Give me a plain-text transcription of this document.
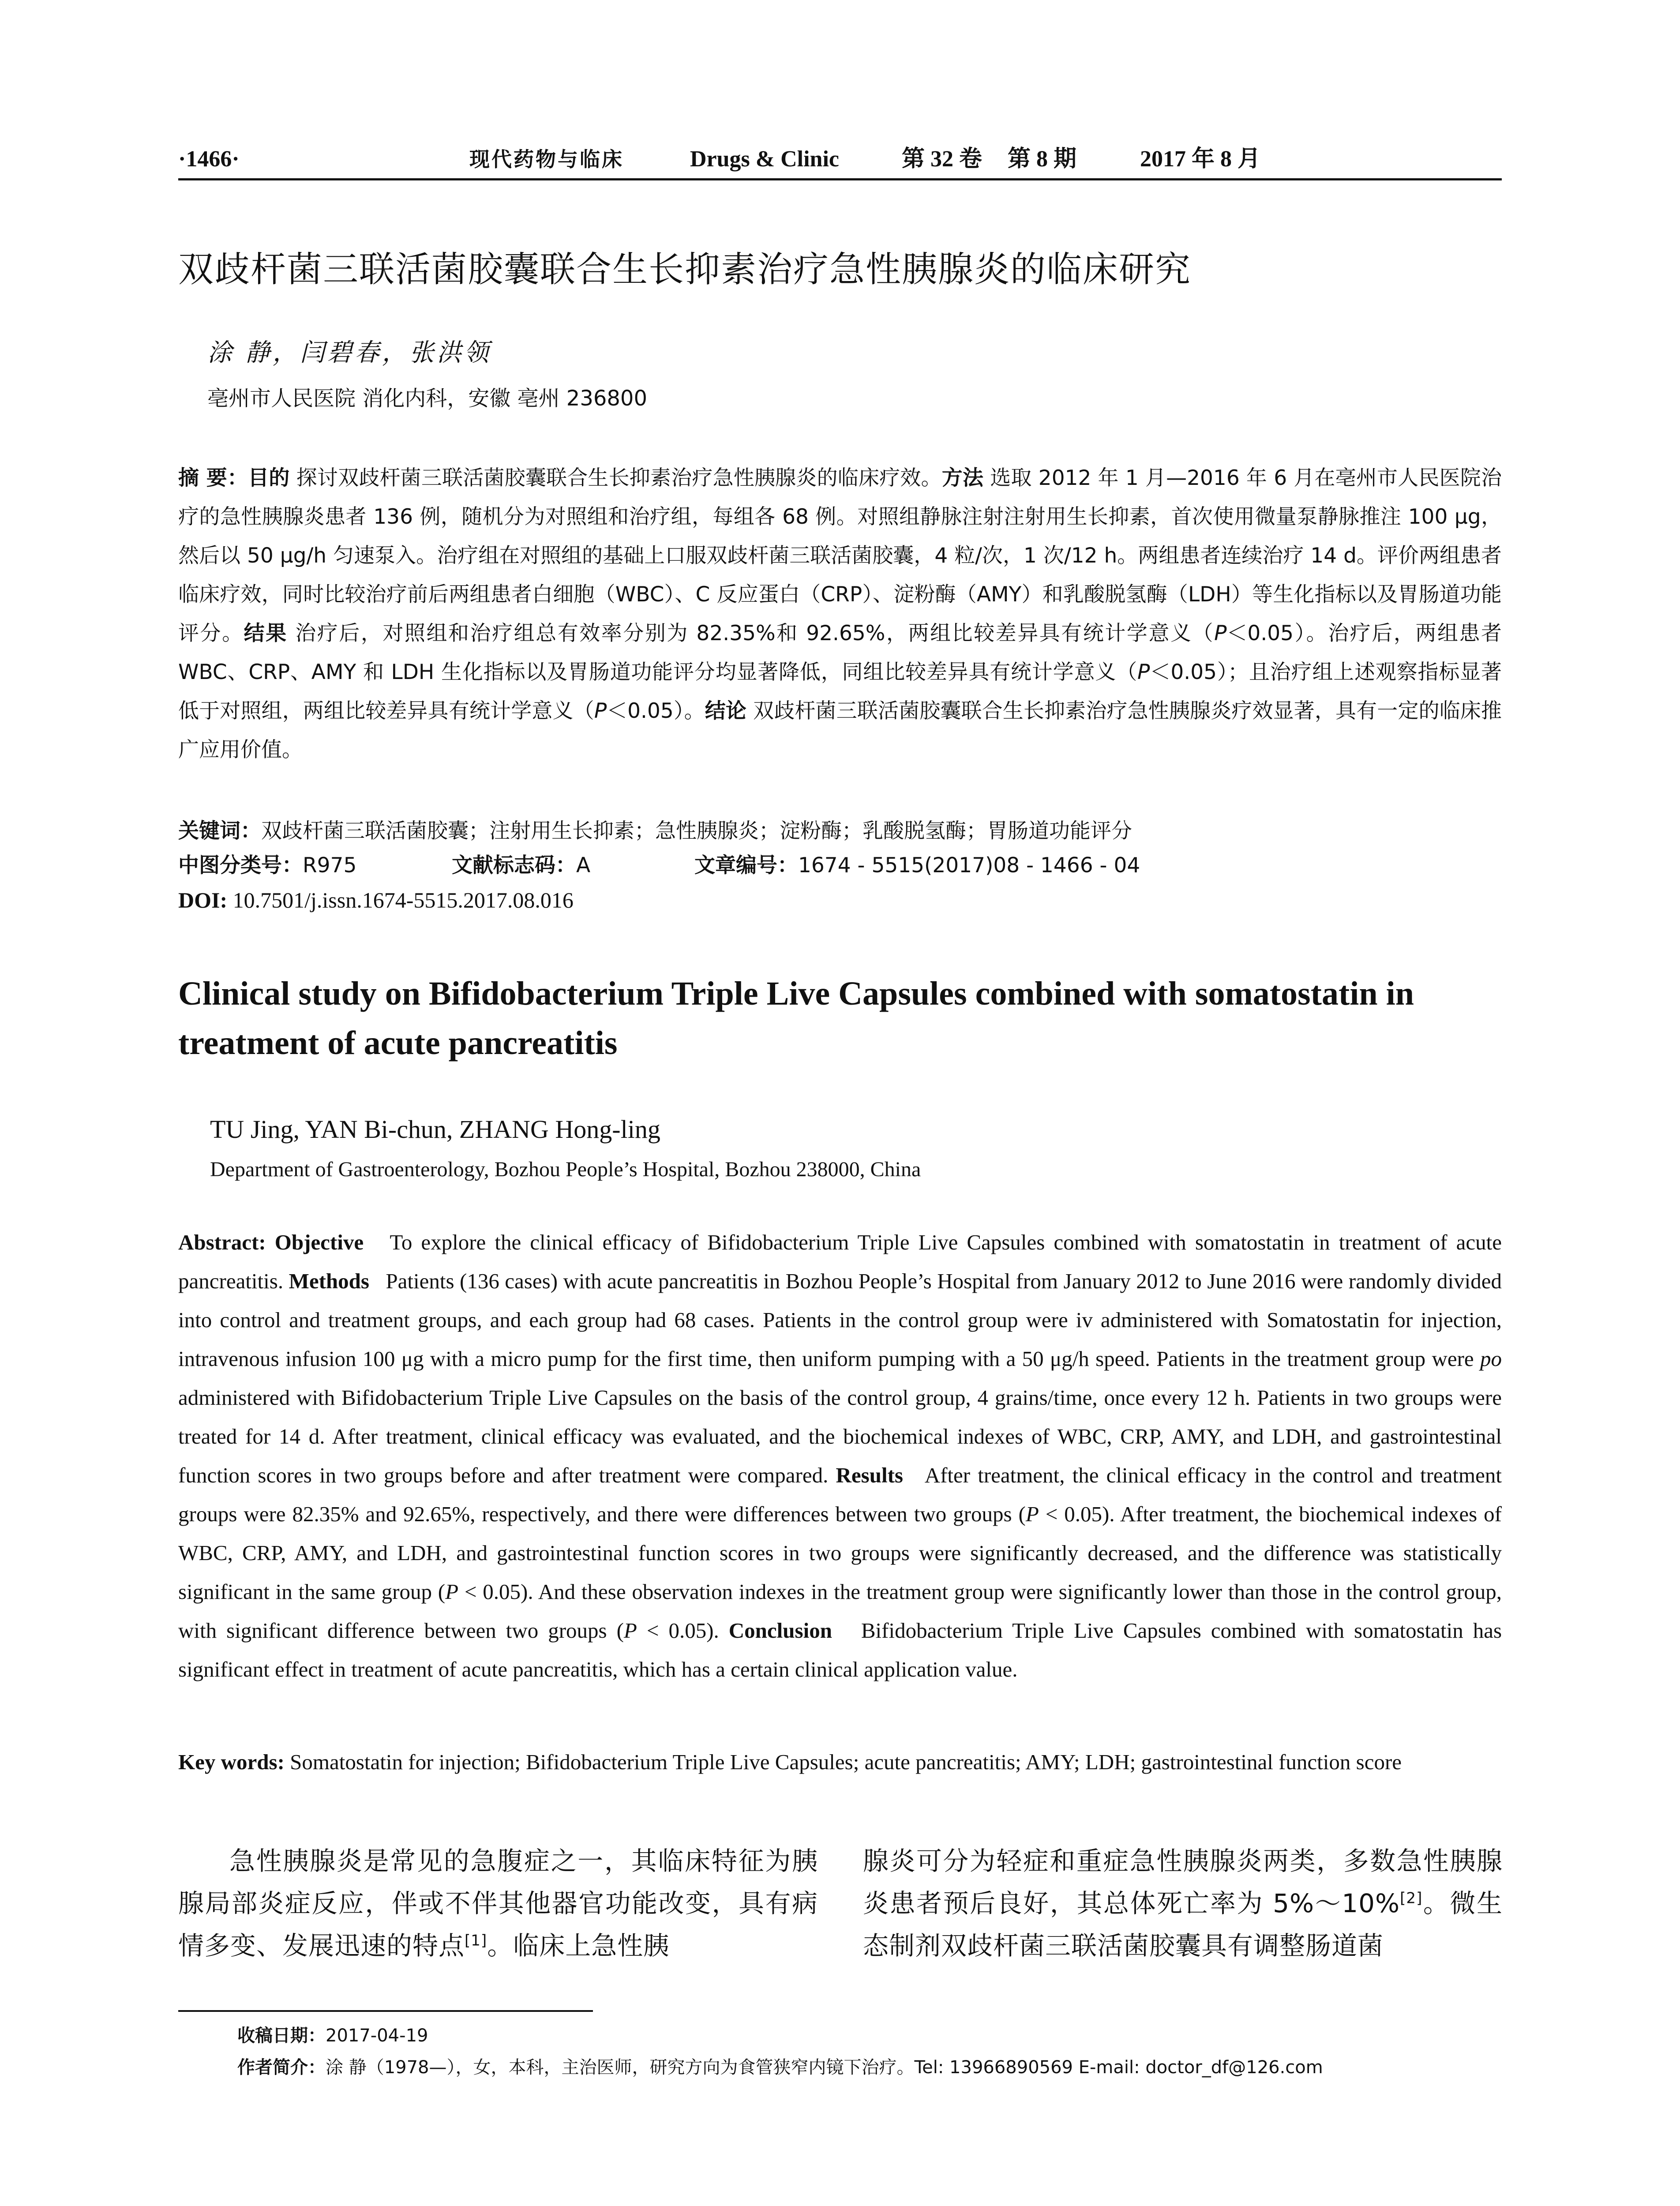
·1466·	现代药物与临床	Drugs & Clinic	第 32 卷 第 8 期	2017 年 8 月
双歧杆菌三联活菌胶囊联合生长抑素治疗急性胰腺炎的临床研究
涂 静，闫碧春，张洪领
亳州市人民医院 消化内科，安徽 亳州 236800
摘 要：目的 探讨双歧杆菌三联活菌胶囊联合生长抑素治疗急性胰腺炎的临床疗效。方法 选取 2012 年 1 月—2016 年 6 月在亳州市人民医院治疗的急性胰腺炎患者 136 例，随机分为对照组和治疗组，每组各 68 例。对照组静脉注射注射用生长抑素，首次使用微量泵静脉推注 100 μg，然后以 50 μg/h 匀速泵入。治疗组在对照组的基础上口服双歧杆菌三联活菌胶囊，4 粒/次，1 次/12 h。两组患者连续治疗 14 d。评价两组患者临床疗效，同时比较治疗前后两组患者白细胞（WBC）、C 反应蛋白（CRP）、淀粉酶（AMY）和乳酸脱氢酶（LDH）等生化指标以及胃肠道功能评分。结果 治疗后，对照组和治疗组总有效率分别为 82.35%和 92.65%，两组比较差异具有统计学意义（P＜0.05）。治疗后，两组患者 WBC、CRP、AMY 和 LDH 生化指标以及胃肠道功能评分均显著降低，同组比较差异具有统计学意义（P＜0.05）；且治疗组上述观察指标显著低于对照组，两组比较差异具有统计学意义（P＜0.05）。结论 双歧杆菌三联活菌胶囊联合生长抑素治疗急性胰腺炎疗效显著，具有一定的临床推广应用价值。
关键词：双歧杆菌三联活菌胶囊；注射用生长抑素；急性胰腺炎；淀粉酶；乳酸脱氢酶；胃肠道功能评分
中图分类号：R975	文献标志码：A	文章编号：1674 - 5515(2017)08 - 1466 - 04
DOI: 10.7501/j.issn.1674-5515.2017.08.016
Clinical study on Bifidobacterium Triple Live Capsules combined with somatostatin in treatment of acute pancreatitis
TU Jing, YAN Bi-chun, ZHANG Hong-ling
Department of Gastroenterology, Bozhou People’s Hospital, Bozhou 238000, China
Abstract: Objective To explore the clinical efficacy of Bifidobacterium Triple Live Capsules combined with somatostatin in treatment of acute pancreatitis. Methods Patients (136 cases) with acute pancreatitis in Bozhou People’s Hospital from January 2012 to June 2016 were randomly divided into control and treatment groups, and each group had 68 cases. Patients in the control group were iv administered with Somatostatin for injection, intravenous infusion 100 μg with a micro pump for the first time, then uniform pumping with a 50 μg/h speed. Patients in the treatment group were po administered with Bifidobacterium Triple Live Capsules on the basis of the control group, 4 grains/time, once every 12 h. Patients in two groups were treated for 14 d. After treatment, clinical efficacy was evaluated, and the biochemical indexes of WBC, CRP, AMY, and LDH, and gastrointestinal function scores in two groups before and after treatment were compared. Results After treatment, the clinical efficacy in the control and treatment groups were 82.35% and 92.65%, respectively, and there were differences between two groups (P < 0.05). After treatment, the biochemical indexes of WBC, CRP, AMY, and LDH, and gastrointestinal function scores in two groups were significantly decreased, and the difference was statistically significant in the same group (P < 0.05). And these observation indexes in the treatment group were significantly lower than those in the control group, with significant difference between two groups (P < 0.05). Conclusion Bifidobacterium Triple Live Capsules combined with somatostatin has significant effect in treatment of acute pancreatitis, which has a certain clinical application value.
Key words: Somatostatin for injection; Bifidobacterium Triple Live Capsules; acute pancreatitis; AMY; LDH; gastrointestinal function score

急性胰腺炎是常见的急腹症之一，其临床特征为胰腺局部炎症反应，伴或不伴其他器官功能改变，具有病情多变、发展迅速的特点[1]。临床上急性胰

腺炎可分为轻症和重症急性胰腺炎两类，多数急性胰腺炎患者预后良好，其总体死亡率为 5%～10%[2]。微生态制剂双歧杆菌三联活菌胶囊具有调整肠道菌

收稿日期：2017-04-19
作者简介：涂 静（1978—），女，本科，主治医师，研究方向为食管狭窄内镜下治疗。Tel: 13966890569 E-mail: doctor_df@126.com
